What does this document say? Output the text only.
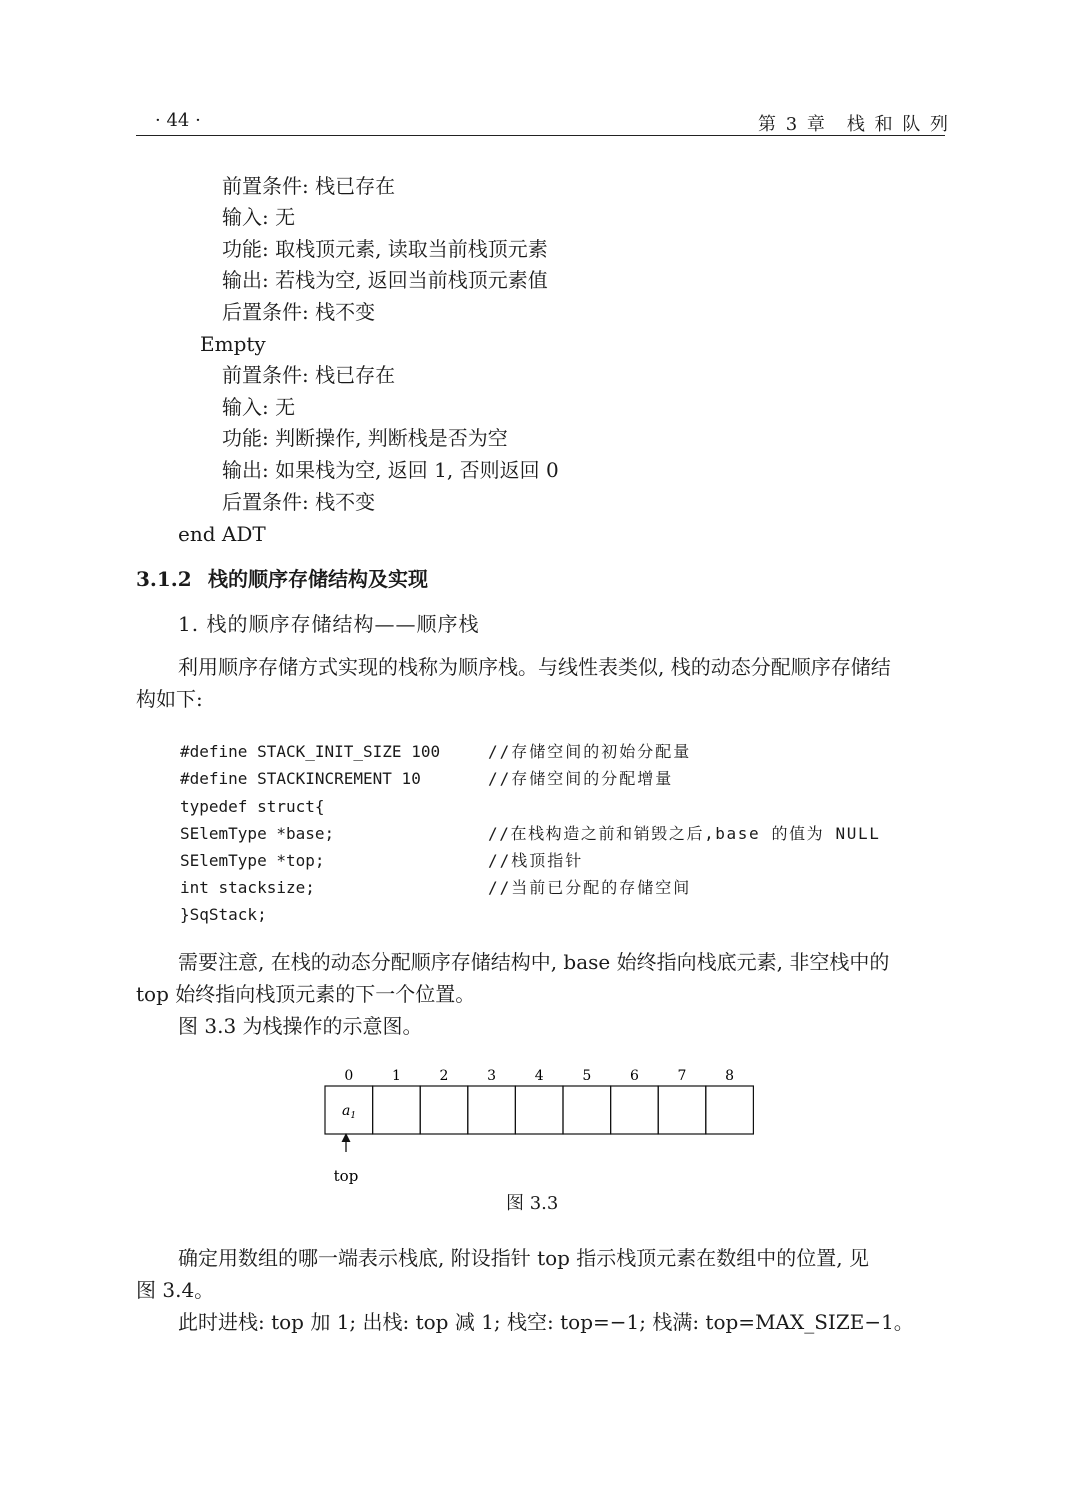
· 44 ·	第 3 章　栈 和 队 列
前置条件: 栈已存在
输入: 无
功能: 取栈顶元素, 读取当前栈顶元素
输出: 若栈为空, 返回当前栈顶元素值
后置条件: 栈不变
Empty
前置条件: 栈已存在
输入: 无
功能: 判断操作, 判断栈是否为空
输出: 如果栈为空, 返回 1, 否则返回 0
后置条件: 栈不变
end ADT
3.1.2 栈的顺序存储结构及实现
1. 栈的顺序存储结构——顺序栈
利用顺序存储方式实现的栈称为顺序栈。与线性表类似, 栈的动态分配顺序存储结
构如下:
#define STACK_INIT_SIZE 100	//存储空间的初始分配量
#define STACKINCREMENT 10	//存储空间的分配增量
typedef struct{
SElemType *base;	//在栈构造之前和销毁之后,base 的值为 NULL
SElemType *top;	//栈顶指针
int stacksize;	//当前已分配的存储空间
}SqStack;
需要注意, 在栈的动态分配顺序存储结构中, base 始终指向栈底元素, 非空栈中的
top 始终指向栈顶元素的下一个位置。
图 3.3 为栈操作的示意图。
0	1	2	3	4	5	6	7	8
$a_1$
top
图 3.3
确定用数组的哪一端表示栈底, 附设指针 top 指示栈顶元素在数组中的位置, 见
图 3.4。
此时进栈: top 加 1; 出栈: top 减 1; 栈空: top=−1; 栈满: top=MAX_SIZE−1。
